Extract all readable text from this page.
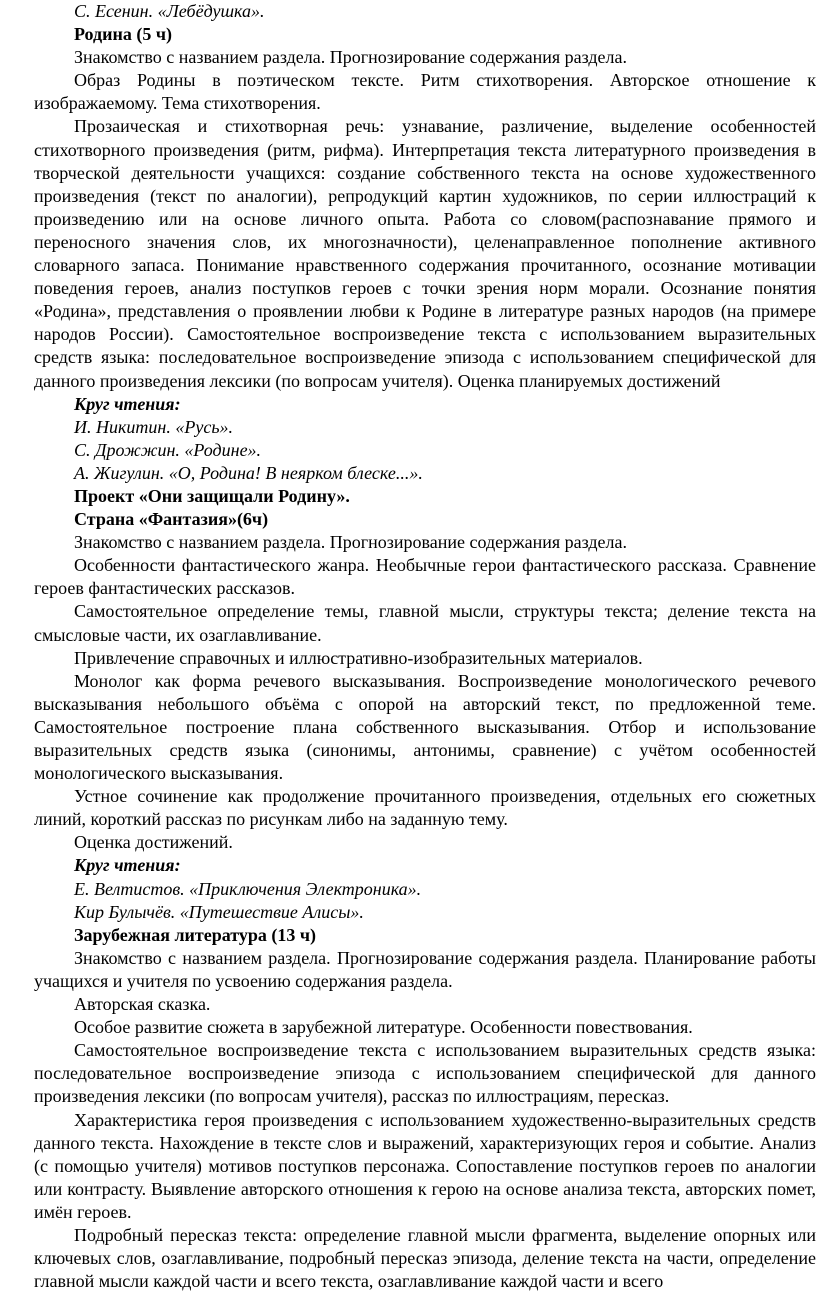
С. Есенин. «Лебёдушка».

Родина (5 ч)

Знакомство с названием раздела. Прогнозирование содержания раздела.

Образ Родины в поэтическом тексте. Ритм стихотворения. Авторское отношение к изображаемому. Тема стихотворения.

Прозаическая и стихотворная речь: узнавание, различение, выделение особенностей стихотворного произведения (ритм, рифма). Интерпретация текста литературного произведения в творческой деятельности учащихся: создание собственного текста на основе художественного произведения (текст по аналогии), репродукций картин художников, по серии иллюстраций к произведению или на основе личного опыта. Работа со словом(распознавание прямого и переносного значения слов, их многозначности), целенаправленное пополнение активного словарного запаса. Понимание нравственного содержания прочитанного, осознание мотивации поведения героев, анализ поступков героев с точки зрения норм морали. Осознание понятия «Родина», представления о проявлении любви к Родине в литературе разных народов (на примере народов России). Самостоятельное воспроизведение текста с использованием выразительных средств языка: последовательное воспроизведение эпизода с использованием специфической для данного произведения лексики (по вопросам учителя). Оценка планируемых достижений

Круг чтения:

И. Никитин. «Русь».

С. Дрожжин. «Родине».

А. Жигулин. «О, Родина! В неярком блеске...».

Проект «Они защищали Родину».

Страна «Фантазия»(6ч)

Знакомство с названием раздела. Прогнозирование содержания раздела.

Особенности фантастического жанра. Необычные герои фантастического рассказа. Сравнение героев фантастических рассказов.

Самостоятельное определение темы, главной мысли, структуры текста; деление текста на смысловые части, их озаглавливание.

Привлечение справочных и иллюстративно-изобразительных материалов.

Монолог как форма речевого высказывания. Воспроизведение монологического речевого высказывания небольшого объёма с опорой на авторский текст, по предложенной теме. Самостоятельное построение плана собственного высказывания. Отбор и использование выразительных средств языка (синонимы, антонимы, сравнение) с учётом особенностей монологического высказывания.

Устное сочинение как продолжение прочитанного произведения, отдельных его сюжетных линий, короткий рассказ по рисункам либо на заданную тему.

Оценка достижений.

Круг чтения:

Е. Велтистов. «Приключения Электроника».

Кир Булычёв. «Путешествие Алисы».

Зарубежная литература (13 ч)

Знакомство с названием раздела. Прогнозирование содержания раздела. Планирование работы учащихся и учителя по усвоению содержания раздела.

Авторская сказка.

Особое развитие сюжета в зарубежной литературе. Особенности повествования.

Самостоятельное воспроизведение текста с использованием выразительных средств языка: последовательное воспроизведение эпизода с использованием специфической для данного произведения лексики (по вопросам учителя), рассказ по иллюстрациям, пересказ.

Характеристика героя произведения с использованием художественно-выразительных средств данного текста. Нахождение в тексте слов и выражений, характеризующих героя и событие. Анализ (с помощью учителя) мотивов поступков персонажа. Сопоставление поступков героев по аналогии или контрасту. Выявление авторского отношения к герою на основе анализа текста, авторских помет, имён героев.

Подробный пересказ текста: определение главной мысли фрагмента, выделение опорных или ключевых слов, озаглавливание, подробный пересказ эпизода, деление текста на части, определение главной мысли каждой части и всего текста, озаглавливание каждой части и всего
